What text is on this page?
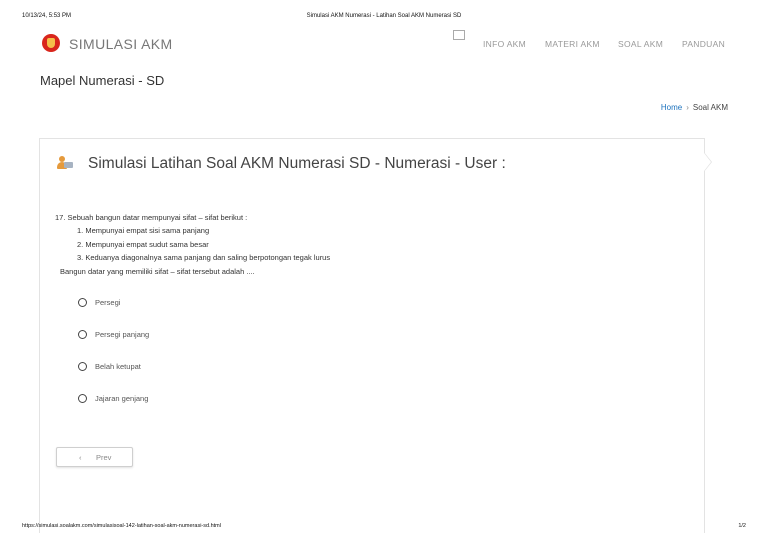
10/13/24, 5:53 PM	Simulasi AKM Numerasi - Latihan Soal AKM Numerasi SD
SIMULASI AKM	INFO AKM MATERI AKM SOAL AKM PANDUAN
Mapel Numerasi - SD
Home › Soal AKM
Simulasi Latihan Soal AKM Numerasi SD - Numerasi - User :
17. Sebuah bangun datar mempunyai sifat – sifat berikut :
1. Mempunyai empat sisi sama panjang
2. Mempunyai empat sudut sama besar
3. Keduanya diagonalnya sama panjang dan saling berpotongan tegak lurus
Bangun datar yang memiliki sifat – sifat tersebut adalah ....
Persegi
Persegi panjang
Belah ketupat
Jajaran genjang
‹ Prev
https://simulasi.soalakm.com/simulasisoal-142-latihan-soal-akm-numerasi-sd.html	1/2
